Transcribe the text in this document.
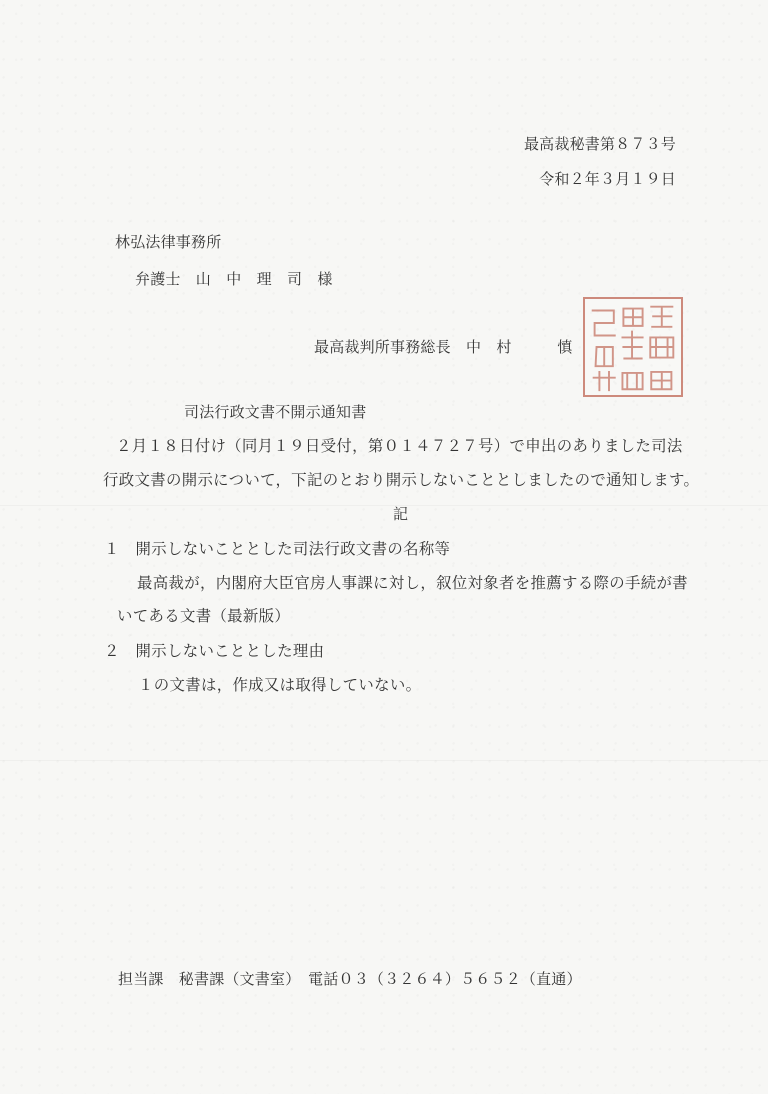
最高裁秘書第８７３号
令和２年３月１９日
林弘法律事務所
弁護士　山　中　理　司　様
最高裁判所事務総長　中　村　　　慎
司法行政文書不開示通知書
２月１８日付け（同月１９日受付，第０１４７２７号）で申出のありました司法
行政文書の開示について，下記のとおり開示しないこととしましたので通知します。
記
１　開示しないこととした司法行政文書の名称等
最高裁が，内閣府大臣官房人事課に対し，叙位対象者を推薦する際の手続が書
いてある文書（最新版）
２　開示しないこととした理由
１の文書は，作成又は取得していない。
担当課　秘書課（文書室）　電話０３（３２６４）５６５２（直通）
